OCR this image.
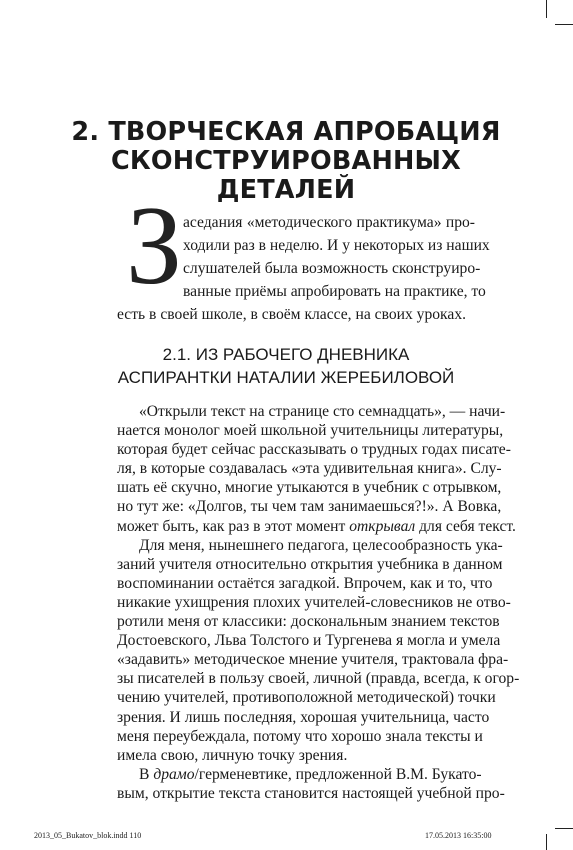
2. ТВОРЧЕСКАЯ АПРОБАЦИЯ
СКОНСТРУИРОВАННЫХ
ДЕТАЛЕЙ
З аседания «методического практикума» про-
ходили раз в неделю. И у некоторых из наших
слушателей была возможность сконструиро-
ванные приёмы апробировать на практике, то
есть в своей школе, в своём классе, на своих уроках.
2.1. ИЗ РАБОЧЕГО ДНЕВНИКА
АСПИРАНТКИ НАТАЛИИ ЖЕРЕБИЛОВОЙ
«Открыли текст на странице сто семнадцать», — начи-
нается монолог моей школьной учительницы литературы,
которая будет сейчас рассказывать о трудных годах писате-
ля, в которые создавалась «эта удивительная книга». Слу-
шать её скучно, многие утыкаются в учебник с отрывком,
но тут же: «Долгов, ты чем там занимаешься?!». А Вовка,
может быть, как раз в этот момент открывал для себя текст.
Для меня, нынешнего педагога, целесообразность ука-
заний учителя относительно открытия учебника в данном
воспоминании остаётся загадкой. Впрочем, как и то, что
никакие ухищрения плохих учителей-словесников не отво-
ротили меня от классики: доскональным знанием текстов
Достоевского, Льва Толстого и Тургенева я могла и умела
«задавить» методическое мнение учителя, трактовала фра-
зы писателей в пользу своей, личной (правда, всегда, к огор-
чению учителей, противоположной методической) точки
зрения. И лишь последняя, хорошая учительница, часто
меня переубеждала, потому что хорошо знала тексты и
имела свою, личную точку зрения.
В драмо/герменевтике, предложенной В.М. Букато-
вым, открытие текста становится настоящей учебной про-
2013_05_Bukatov_blok.indd 110	17.05.2013 16:35:00
